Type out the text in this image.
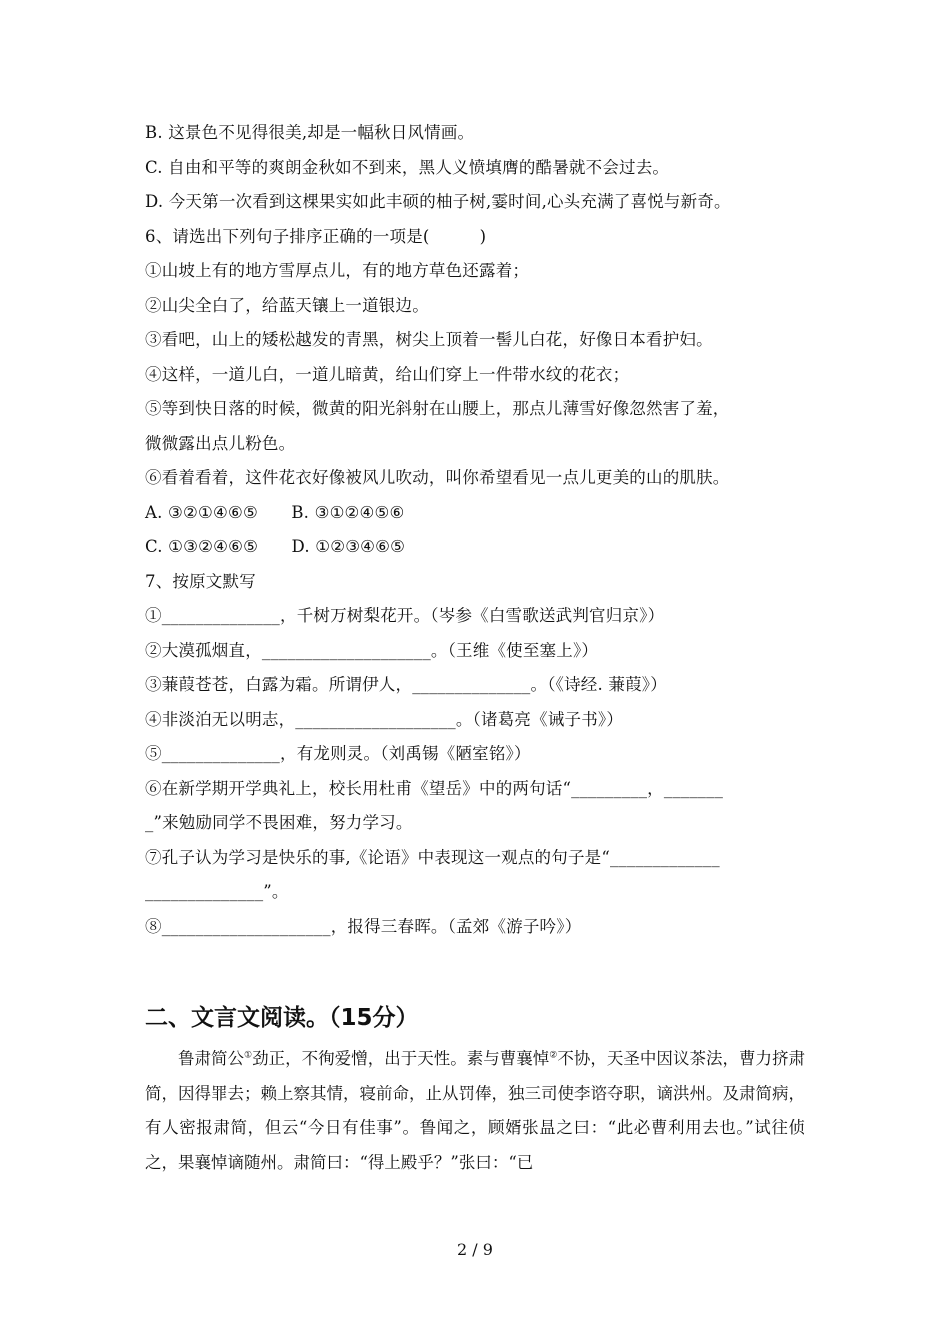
B. 这景色不见得很美,却是一幅秋日风情画。
C. 自由和平等的爽朗金秋如不到来，黑人义愤填膺的酷暑就不会过去。
D. 今天第一次看到这棵果实如此丰硕的柚子树,霎时间,心头充满了喜悦与新奇。
6、请选出下列句子排序正确的一项是(　　　)
①山坡上有的地方雪厚点儿，有的地方草色还露着；
②山尖全白了，给蓝天镶上一道银边。
③看吧，山上的矮松越发的青黑，树尖上顶着一髻儿白花，好像日本看护妇。
④这样，一道儿白，一道儿暗黄，给山们穿上一件带水纹的花衣；
⑤等到快日落的时候，微黄的阳光斜射在山腰上，那点儿薄雪好像忽然害了羞，
微微露出点儿粉色。
⑥看着看着，这件花衣好像被风儿吹动，叫你希望看见一点儿更美的山的肌肤。
A. ③②①④⑥⑤　　B. ③①②④⑤⑥
C. ①③②④⑥⑤　　D. ①②③④⑥⑤
7、按原文默写
①______________，千树万树梨花开。（岑参《白雪歌送武判官归京》）
②大漠孤烟直，____________________。（王维《使至塞上》）
③蒹葭苍苍，白露为霜。所谓伊人，______________。（《诗经. 蒹葭》）
④非淡泊无以明志，___________________。（诸葛亮《诫子书》）
⑤______________，有龙则灵。（刘禹锡《陋室铭》）
⑥在新学期开学典礼上，校长用杜甫《望岳》中的两句话“_________，_______
_”来勉励同学不畏困难，努力学习。
⑦孔子认为学习是快乐的事,《论语》中表现这一观点的句子是“_____________
______________”。
⑧____________________，报得三春晖。（孟郊《游子吟》）
二、文言文阅读。（15分）
鲁肃简公①劲正，不徇爱憎，出于天性。素与曹襄悼②不协，天圣中因议茶法，曹力挤肃简，因得罪去；赖上察其情，寝前命，止从罚俸，独三司使李谘夺职，谪洪州。及肃简病，有人密报肃简，但云“今日有佳事”。鲁闻之，顾婿张昷之曰：“此必曹利用去也。”试往侦之，果襄悼谪随州。肃简曰：“得上殿乎？”张曰：“已
2 / 9
